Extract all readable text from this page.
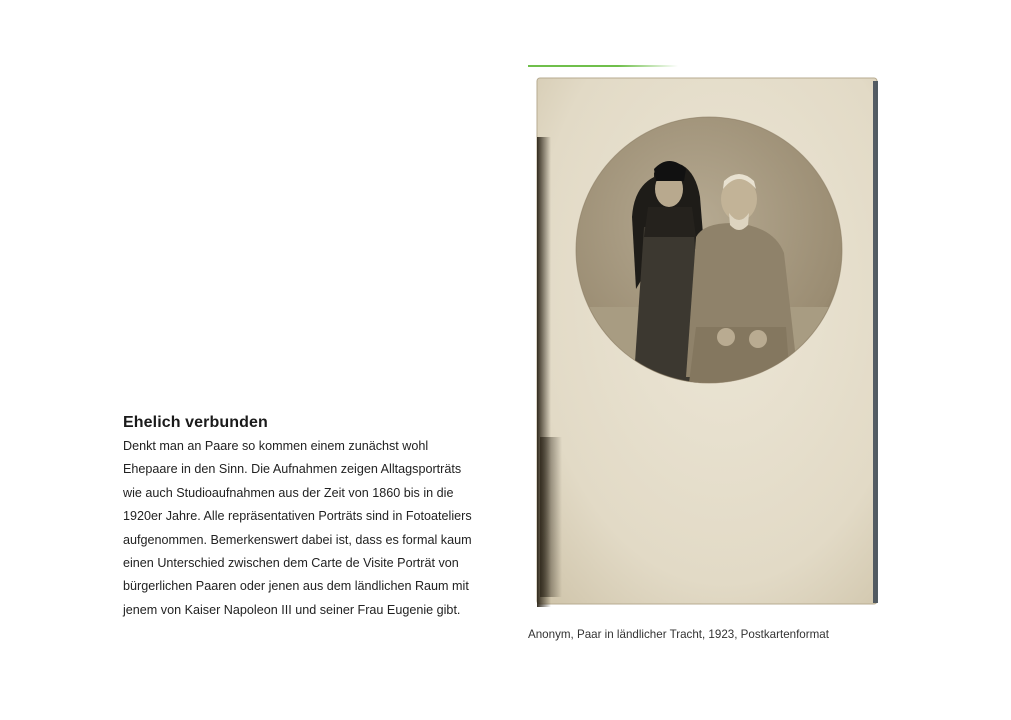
Ehelich verbunden
Denkt man an Paare so kommen einem zunächst wohl
Ehepaare in den Sinn. Die Aufnahmen zeigen Alltagsporträts
wie auch Studioaufnahmen aus der Zeit von 1860 bis in die
1920er Jahre. Alle repräsentativen Porträts sind in Fotoateliers
aufgenommen. Bemerkenswert dabei ist, dass es formal kaum
einen Unterschied zwischen dem Carte de Visite Porträt von
bürgerlichen Paaren oder jenen aus dem ländlichen Raum mit
jenem von Kaiser Napoleon III und seiner Frau Eugenie gibt.

Anonym, Paar in ländlicher Tracht, 1923, Postkartenformat
